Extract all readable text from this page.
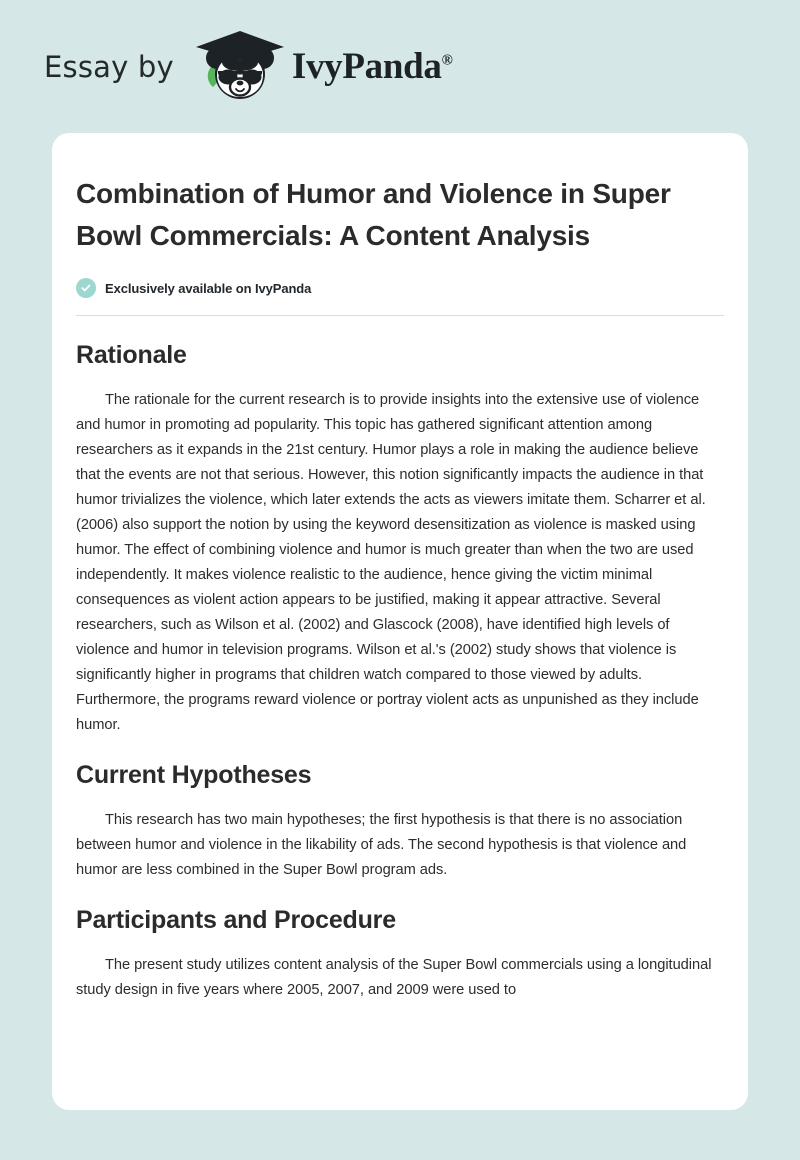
Essay by	IvyPanda®
Combination of Humor and Violence in Super Bowl Commercials: A Content Analysis
Exclusively available on IvyPanda
Rationale

The rationale for the current research is to provide insights into the extensive use of violence and humor in promoting ad popularity. This topic has gathered significant attention among researchers as it expands in the 21st century. Humor plays a role in making the audience believe that the events are not that serious. However, this notion significantly impacts the audience in that humor trivializes the violence, which later extends the acts as viewers imitate them. Scharrer et al. (2006) also support the notion by using the keyword desensitization as violence is masked using humor. The effect of combining violence and humor is much greater than when the two are used independently. It makes violence realistic to the audience, hence giving the victim minimal consequences as violent action appears to be justified, making it appear attractive. Several researchers, such as Wilson et al. (2002) and Glascock (2008), have identified high levels of violence and humor in television programs. Wilson et al.'s (2002) study shows that violence is significantly higher in programs that children watch compared to those viewed by adults. Furthermore, the programs reward violence or portray violent acts as unpunished as they include humor.

Current Hypotheses

This research has two main hypotheses; the first hypothesis is that there is no association between humor and violence in the likability of ads. The second hypothesis is that violence and humor are less combined in the Super Bowl program ads.

Participants and Procedure

The present study utilizes content analysis of the Super Bowl commercials using a longitudinal study design in five years where 2005, 2007, and 2009 were used to
